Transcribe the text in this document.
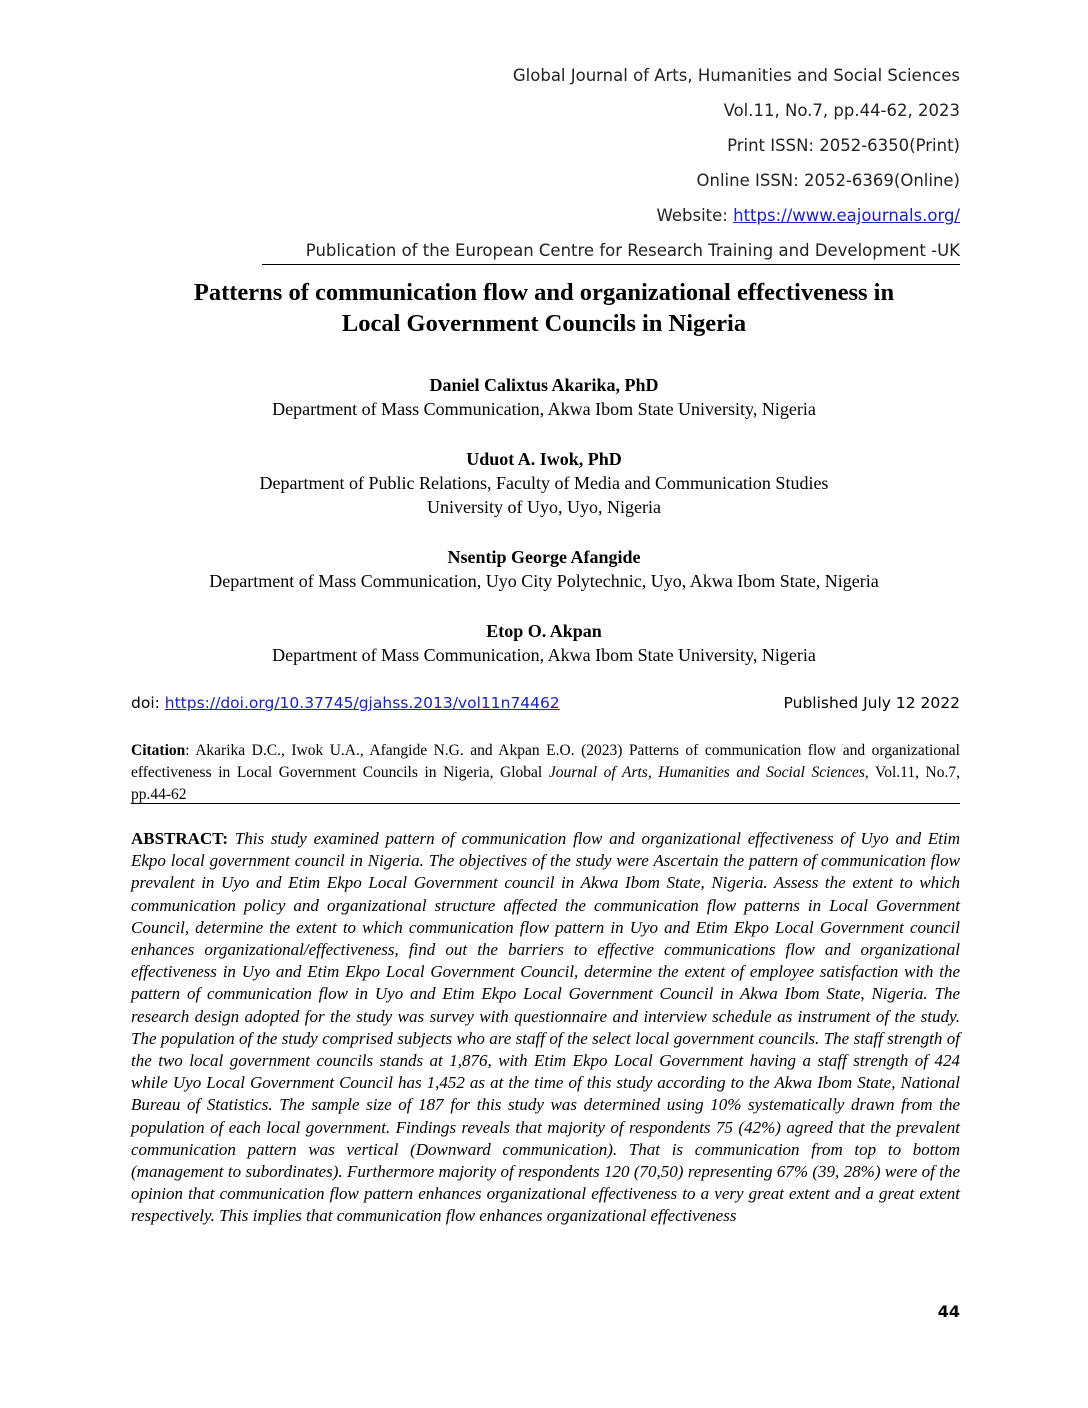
Global Journal of Arts, Humanities and Social Sciences
Vol.11, No.7, pp.44-62, 2023
Print ISSN: 2052-6350(Print)
Online ISSN: 2052-6369(Online)
Website: https://www.eajournals.org/
Publication of the European Centre for Research Training and Development -UK
Patterns of communication flow and organizational effectiveness in
Local Government Councils in Nigeria
Daniel Calixtus Akarika, PhD
Department of Mass Communication, Akwa Ibom State University, Nigeria
Uduot A. Iwok, PhD
Department of Public Relations, Faculty of Media and Communication Studies
University of Uyo, Uyo, Nigeria
Nsentip George Afangide
Department of Mass Communication, Uyo City Polytechnic, Uyo, Akwa Ibom State, Nigeria
Etop O. Akpan
Department of Mass Communication, Akwa Ibom State University, Nigeria
doi: https://doi.org/10.37745/gjahss.2013/vol11n74462	Published July 12 2022
Citation: Akarika D.C., Iwok U.A., Afangide N.G. and Akpan E.O. (2023) Patterns of communication flow and organizational effectiveness in Local Government Councils in Nigeria, Global Journal of Arts, Humanities and Social Sciences, Vol.11, No.7, pp.44-62
ABSTRACT: This study examined pattern of communication flow and organizational effectiveness of Uyo and Etim Ekpo local government council in Nigeria. The objectives of the study were Ascertain the pattern of communication flow prevalent in Uyo and Etim Ekpo Local Government council in Akwa Ibom State, Nigeria. Assess the extent to which communication policy and organizational structure affected the communication flow patterns in Local Government Council, determine the extent to which communication flow pattern in Uyo and Etim Ekpo Local Government council enhances organizational/effectiveness, find out the barriers to effective communications flow and organizational effectiveness in Uyo and Etim Ekpo Local Government Council, determine the extent of employee satisfaction with the pattern of communication flow in Uyo and Etim Ekpo Local Government Council in Akwa Ibom State, Nigeria. The research design adopted for the study was survey with questionnaire and interview schedule as instrument of the study. The population of the study comprised subjects who are staff of the select local government councils. The staff strength of the two local government councils stands at 1,876, with Etim Ekpo Local Government having a staff strength of 424 while Uyo Local Government Council has 1,452 as at the time of this study according to the Akwa Ibom State, National Bureau of Statistics. The sample size of 187 for this study was determined using 10% systematically drawn from the population of each local government. Findings reveals that majority of respondents 75 (42%) agreed that the prevalent communication pattern was vertical (Downward communication). That is communication from top to bottom (management to subordinates). Furthermore majority of respondents 120 (70,50) representing 67% (39, 28%) were of the opinion that communication flow pattern enhances organizational effectiveness to a very great extent and a great extent respectively. This implies that communication flow enhances organizational effectiveness
44
